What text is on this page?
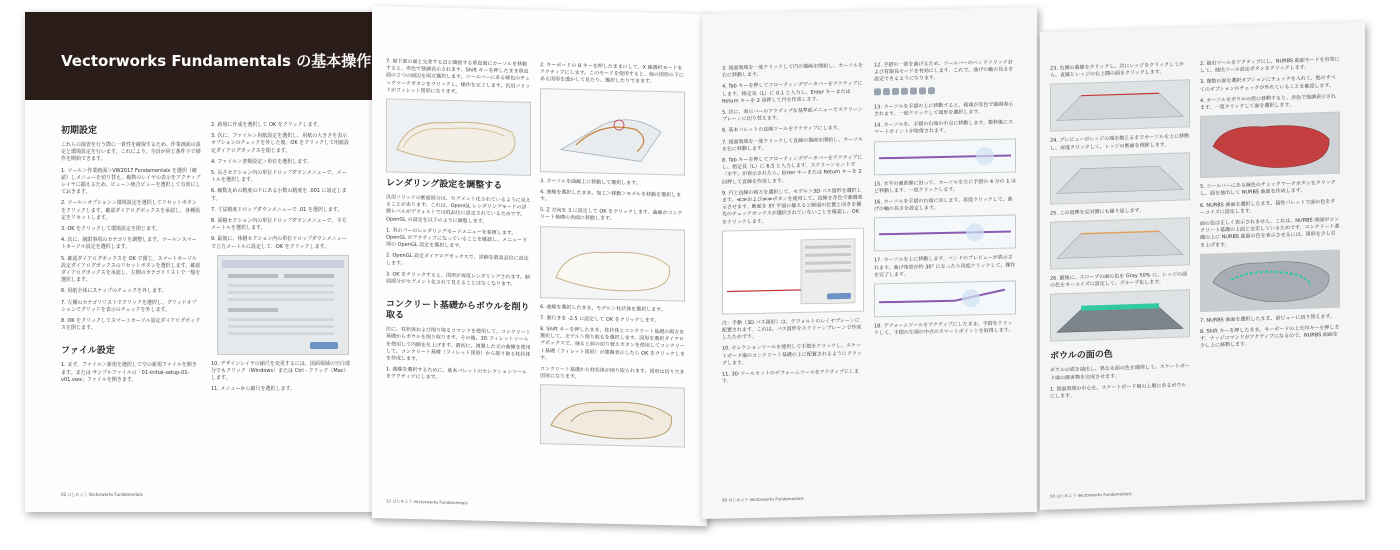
Vectorworks Fundamentals の基本操作
初期設定

これらの演習を行う際に一貫性を確保するため、作業画面の設定と環境設定を行います。これにより、全員が同じ条件下で操作を開始できます。

1. ツール＞作業画面＞VW2017 Fundamentals を選択（確認）しメニューを切り替え、複数のレイヤの表示をアクティブレイヤに揃えるため、ビュー＞統合ビューを選択して有効にしておきます。

2. ツール＞オプション＞環境設定を選択してリセットボタンをクリックします。確認ダイアログボックスを承認し、各種設定をリセットします。

3. OK をクリックして環境設定を閉じます。

4. 次に、制限事項のカテゴリを調整します。ツール＞スマートカーソル設定を選択します。

5. 確認ダイアログボックスを OK で閉じ、スマートカーソル設定ダイアログボックスのリセットボタンを選択します。確認ダイアログボックスを承認し、左側のカテゴリリストで一般を選択します。

6. 用紙全体にスナップのチェックを外します。

7. 左側のカテゴリリストでクリックを選択し、グリッドオプションでグリッドを表示のチェックを外します。

8. OK をクリックしてスマートカーソル設定ダイアログボックスを閉じます。

ファイル設定

1. まず、ファイル＞新規を選択して空の新規ファイルを開きます。または サンプルファイルの「01-initial-setup-01-v01.vwx」ファイルを開きます。

2. 新規に作成を選択して OK をクリックします。

3. 次に、ファイル＞用紙設定を選択し、用紙の大きさを表示オプションのチェックを外した後、OK をクリックして用紙設定ダイアログボックスを閉じます。

4. ファイル＞書類設定＞単位を選択します。

5. 長さセクション内の単位ドロップダウンメニューで、メートルを選択します。

6. 縮数丸めの精度の下にある小数の精度を .001 に設定します。

7. 寸法精度ドロップダウンメニューで .01 を選択します。

8. 面積セクション内の単位ドロップダウンメニューで、平方メートルを選択します。

9. 最後に、体積セクション内の単位ドロップダウンメニューで立方メートルに設定して、OK をクリックします。

10. デザインレイヤの縮尺を変更するには、図面領域の空白部分でもクリック（Windows）または Ctrl - クリック（Mac）します。

11. メニューから縮尺を選択します。

02 はじめよう Vectorworks Fundamentals

7. 扇下部の面と交差する辺と隣接する垂直面にカーソルを移動すると、赤色で強調表示されます。Shift キーを押したまま垂直面の２つの面辺を両方選択します。ツールバーにある緑色のチェックマークボタンをクリックし、操作を完了します。汎用ソリッドがフィレット図形になります。

レンダリング設定を調整する

汎用ソリッドの断面部分は、セグメント化されているように見えることがあります。これは、OpenGL レンダリングモードの詳細レベルがデフォルトでは低品位に設定されているためです。OpenGL の設定を以下のように調整します。

1. 表示バーのレンダリングモードメニューを参照します。OpenGL がアクティブになっていることを確認し、メニュー下部の OpenGL 設定を選択します。

2. OpenGL 設定ダイアログボックスで、詳細を最高品位に設定します。

3. OK をクリックすると、図形が再度レンダリングされます。断面部分がセグメント化されて見えることはなくなります。

コンクリート基礎からボウルを削り取る

次に、柱状体および削り取るコマンドを使用して、コンクリート基礎からボウルを削り取ります。その後、3D フィレットツールを使用して内側を仕上げます。最初に、複製した元の曲線を使用して、コンクリート基礎（フィレット図形）から削り取る柱状体を作成します。

1. 曲線を選択するために、基本パレットのセレクションツールをアクティブにします。

2. キーボードの 8 キーを押したままにして、X 線選択モードをアクティブにします。このモードを使用すると、他の図形の下にある図形を透かして見たり、選択したりできます。

3. カーソルを曲線上に移動して選択します。

4. 曲線を選択したまま、加工＞移動＞モデルを移動を選択します。

5. Z 方向を 3 に設定して OK をクリックします。曲線がコンクリート基礎の表面に移動します。

6. 曲線を選択したまま、モデル＞柱状体を選択します。

7. 奥行きを -2.5 に設定して OK をクリックします。

8. Shift キーを押したまま、柱状体とコンクリート基礎の両方を選択して、モデル＞削り取るを選択します。図形を選択ダイアログボックスで、抽ると前の切り替えボタンを使用してコンクリート基礎（フィレット図形）が強調表示したら OK をクリックします。

コンクリート基礎から柱状体が削り取られます。図形は切り欠き図形になります。

12 はじめよう Vectorworks Fundamentals

3. 図面領域を一度クリックして円の描画を開始し、カーソルを右に移動します。

4. Tab キーを押してフローティングデータバーをアクティブにします。指定長（L）に 0.1 と入力し、Enter キーまたは Return キーを 2 回押して円を作成します。

5. 次に、表示バーのアクティブな基準面メニューでスクリーンプレーンに切り替えます。

6. 基本パレットの直線ツールをアクティブにします。

7. 図面領域を一度クリックして直線の描画を開始し、カーソルを右に移動します。

8. Tab キーを押してフローティングデータバーをアクティブにし、指定長（L）に 6.5 と入力します。スクリーンヒントで「水平」が表示されたら、Enter キーまたは Return キーを 2 回押して直線を作成します。

9. 円と直線の両方を選択して、モデル＞3D パス図形を選択します。≪≫および≫≫ボタンを使用して、直線を赤色で強調表示させます。断面を XY 平面に揃えると断面の位置と向きを優先のチェックボックスが選択されていないことを確認し、OK をクリックします。

注：手動（3D パス図形）は、デフォルトのレイヤプレーンに配置されます。これは、パス図形をスクリーンプレーンで作成したためです。

10. セレクションツールを使用して手摺をクリックし、スケートボード場のコンクリート基礎の上に配置されるようにドラッグします。

11. 3D ツールセットのデフォームツールをアクティブにします。

12. 手摺の一部を曲げるため、ツールバーのベンドソリッドおよび有限長モードを有効にします。これで、曲げの軸の長さを設定できるようになります。

13. カーソルを手摺の上に移動すると、両端が赤色で強調表示されます。一度クリックして図形を選択します。

14. カーソルを、手摺の右端の中点に移動します。数秒後にスマートポイントが取得されます。

15. 水平の補助線に沿って、カーソルを左に手摺の 4 分の 1 ほど移動します。一度クリックします。

16. カーソルを手摺の右端に戻します。再度クリックして、曲げの軸の長さを設定します。

17. カーソルを上に移動します。ベンドのプレビューが表示されます。曲げ角度が約 30° になったら再度クリックして、操作を完了します。

18. デフォームツールをアクティブにしたまま、手摺をクリックして、手摺の左端の中点のスマートポイントを取得します。

90 はじめよう Vectorworks Fundamentals

23. 右側の曲線をクリックし、次にレッジをクリックしてから、直線とレッジの右上隅の面をクリックします。

24. プレビューがレッジの端を越えるまでカーソルを上に移動し、再度クリックして、レッジの断面を削除します。

25. この処理を反対側にも繰り返します。

26. 最後に、スロープの面の色を Gray 50% に、レッジの面の色をターコイズに設定して、グループ化します。

ボウルの面の色

ボウルの底を抽出し、異なる面の色を適用して、スケートボード場の障害物を完成させます。

1. 図面領域の中心を、スケートボード場の上層にあるボウルにします。

2. 抽出ツールをアクティブにし、NURBS 曲面モードを有効にして、抽出ツール設定ボタンをクリックします。

3. 複数の面を選択オプションにチェックを入れて、他のすべてのオプションのチェックが外れていることを確認します。

4. カーソルをボウルの底に移動すると、赤色で強調表示されます。一度クリックして面を選択します。

5. ツールバーにある緑色のチェックマークボタンをクリックし、面を抽出して NURBS 曲面を作成します。

6. NURBS 曲面を選択したまま、属性パレットで面の色をターコイズに設定します。

面の色は正しく表示されません。これは、NURBS 曲面がコンクリート基礎の上面と交差しているためです。コンクリート基礎の上に NURBS 曲面の色を表示させるには、図形を少し引き上げます。

7. NURBS 曲面を選択したまま、前ビューに切り替えます。

8. Shift キーを押したまま、キーボードの上矢印キーを押します。ナッジコマンドがアクティブになるので、NURBS 曲面を少し上に移動します。

50 はじめよう Vectorworks Fundamentals
